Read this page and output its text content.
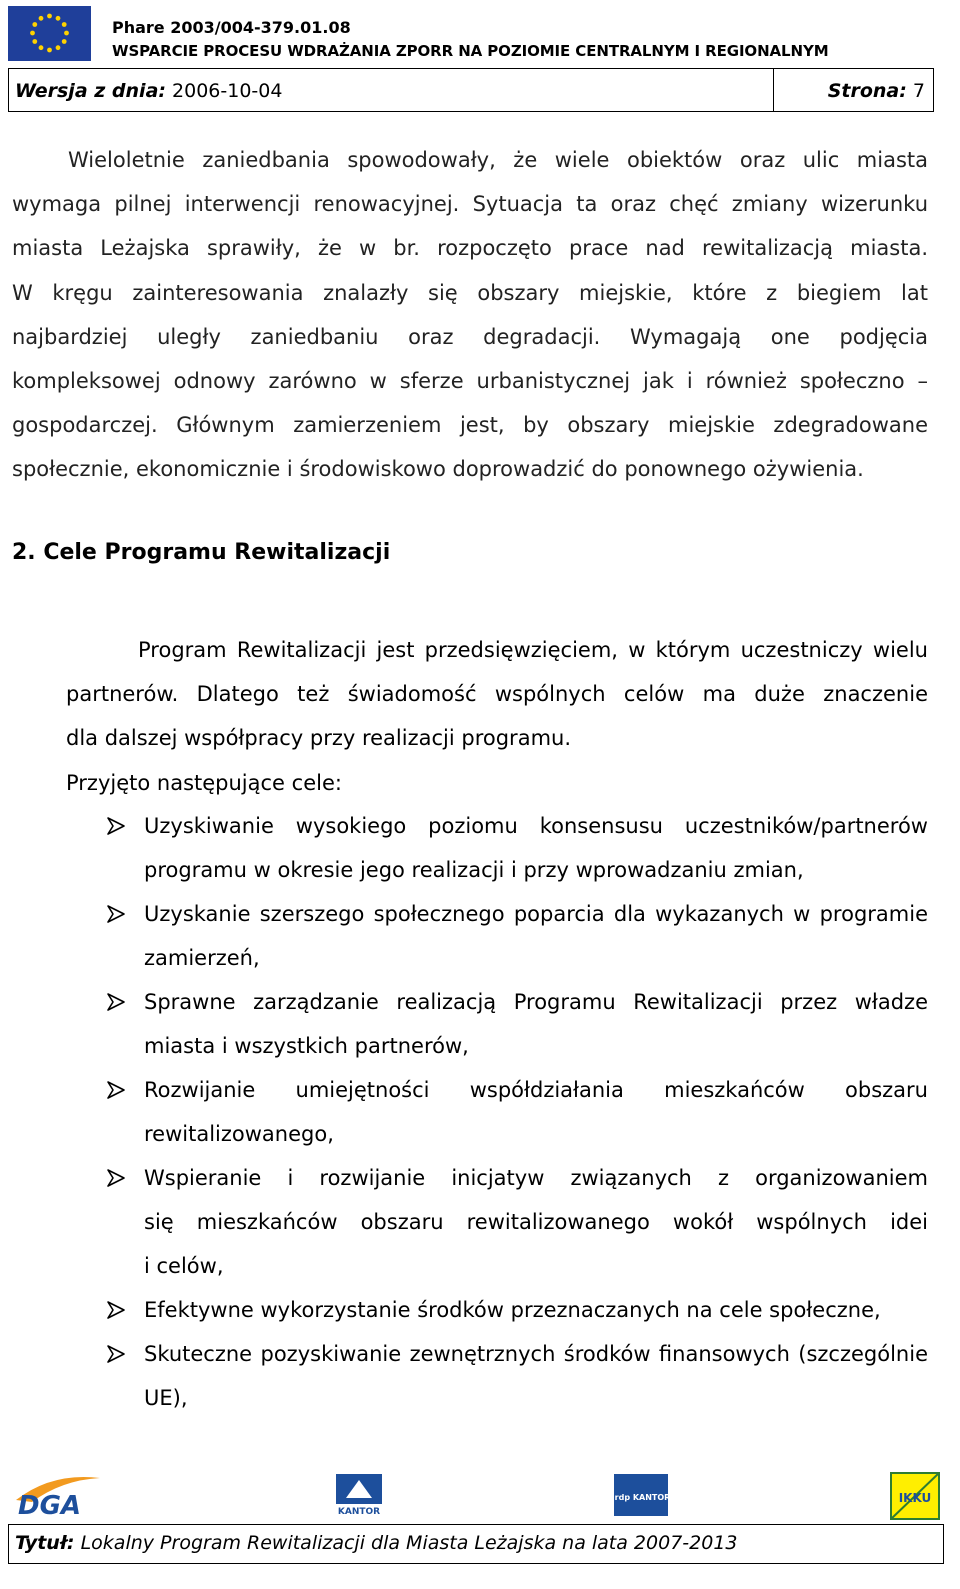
Phare 2003/004-379.01.08
WSPARCIE PROCESU WDRAŻANIA ZPORR NA POZIOMIE CENTRALNYM I REGIONALNYM
Wersja z dnia: 2006-10-04	Strona: 7
Wieloletnie zaniedbania spowodowały, że wiele obiektów oraz ulic miasta
wymaga pilnej interwencji renowacyjnej. Sytuacja ta oraz chęć zmiany wizerunku
miasta Leżajska sprawiły, że w br. rozpoczęto prace nad rewitalizacją miasta.
W kręgu zainteresowania znalazły się obszary miejskie, które z biegiem lat
najbardziej uległy zaniedbaniu oraz degradacji. Wymagają one podjęcia
kompleksowej odnowy zarówno w sferze urbanistycznej jak i również społeczno –
gospodarczej. Głównym zamierzeniem jest, by obszary miejskie zdegradowane
społecznie, ekonomicznie i środowiskowo doprowadzić do ponownego ożywienia.
2. Cele Programu Rewitalizacji
Program Rewitalizacji jest przedsięwzięciem, w którym uczestniczy wielu
partnerów. Dlatego też świadomość wspólnych celów ma duże znaczenie
dla dalszej współpracy przy realizacji programu.
Przyjęto następujące cele:
Uzyskiwanie wysokiego poziomu konsensusu uczestników/partnerów
programu w okresie jego realizacji i przy wprowadzaniu zmian,
Uzyskanie szerszego społecznego poparcia dla wykazanych w programie
zamierzeń,
Sprawne zarządzanie realizacją Programu Rewitalizacji przez władze
miasta i wszystkich partnerów,
Rozwijanie umiejętności współdziałania mieszkańców obszaru
rewitalizowanego,
Wspieranie i rozwijanie inicjatyw związanych z organizowaniem
się mieszkańców obszaru rewitalizowanego wokół wspólnych idei
i celów,
Efektywne wykorzystanie środków przeznaczanych na cele społeczne,
Skuteczne pozyskiwanie zewnętrznych środków finansowych (szczególnie
UE),
DGA	KANTOR
Irdp KANTOR	IKKU
Tytuł: Lokalny Program Rewitalizacji dla Miasta Leżajska na lata 2007-2013
